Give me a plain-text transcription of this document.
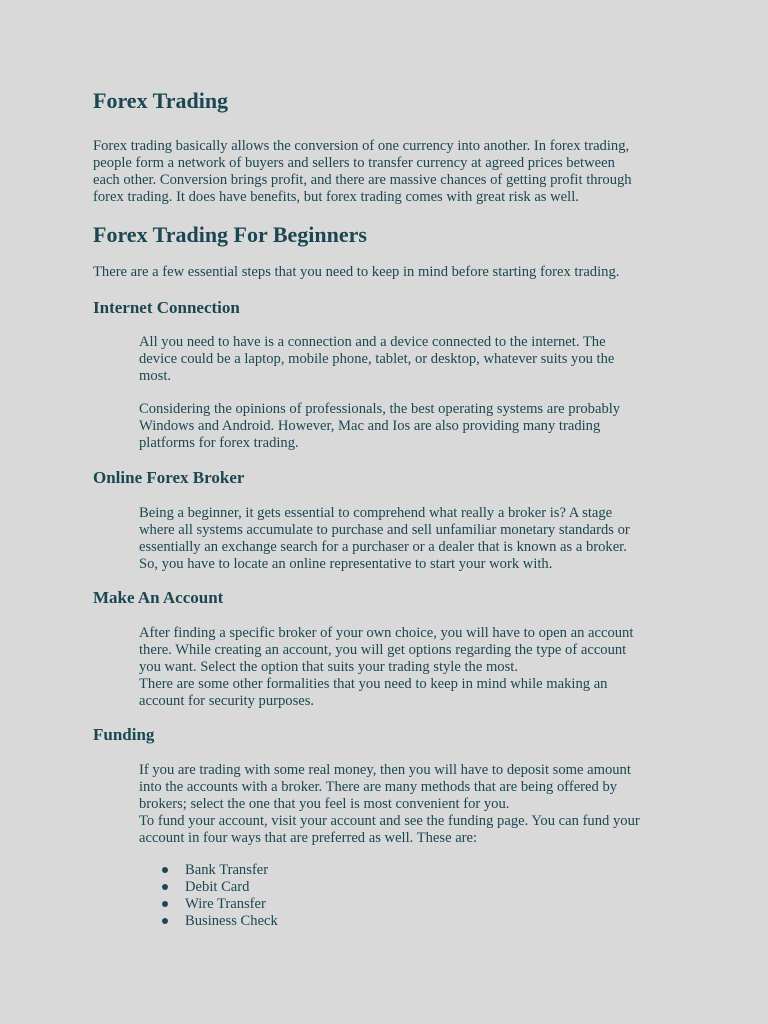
Forex Trading

Forex trading basically allows the conversion of one currency into another. In forex trading,
people form a network of buyers and sellers to transfer currency at agreed prices between
each other. Conversion brings profit, and there are massive chances of getting profit through
forex trading. It does have benefits, but forex trading comes with great risk as well.

Forex Trading For Beginners

There are a few essential steps that you need to keep in mind before starting forex trading.

Internet Connection

All you need to have is a connection and a device connected to the internet. The
device could be a laptop, mobile phone, tablet, or desktop, whatever suits you the
most.

Considering the opinions of professionals, the best operating systems are probably
Windows and Android. However, Mac and Ios are also providing many trading
platforms for forex trading.

Online Forex Broker

Being a beginner, it gets essential to comprehend what really a broker is? A stage
where all systems accumulate to purchase and sell unfamiliar monetary standards or
essentially an exchange search for a purchaser or a dealer that is known as a broker.
So, you have to locate an online representative to start your work with.

Make An Account

After finding a specific broker of your own choice, you will have to open an account
there. While creating an account, you will get options regarding the type of account
you want. Select the option that suits your trading style the most.
There are some other formalities that you need to keep in mind while making an
account for security purposes.

Funding

If you are trading with some real money, then you will have to deposit some amount
into the accounts with a broker. There are many methods that are being offered by
brokers; select the one that you feel is most convenient for you.
To fund your account, visit your account and see the funding page. You can fund your
account in four ways that are preferred as well. These are:

Bank Transfer
Debit Card
Wire Transfer
Business Check
